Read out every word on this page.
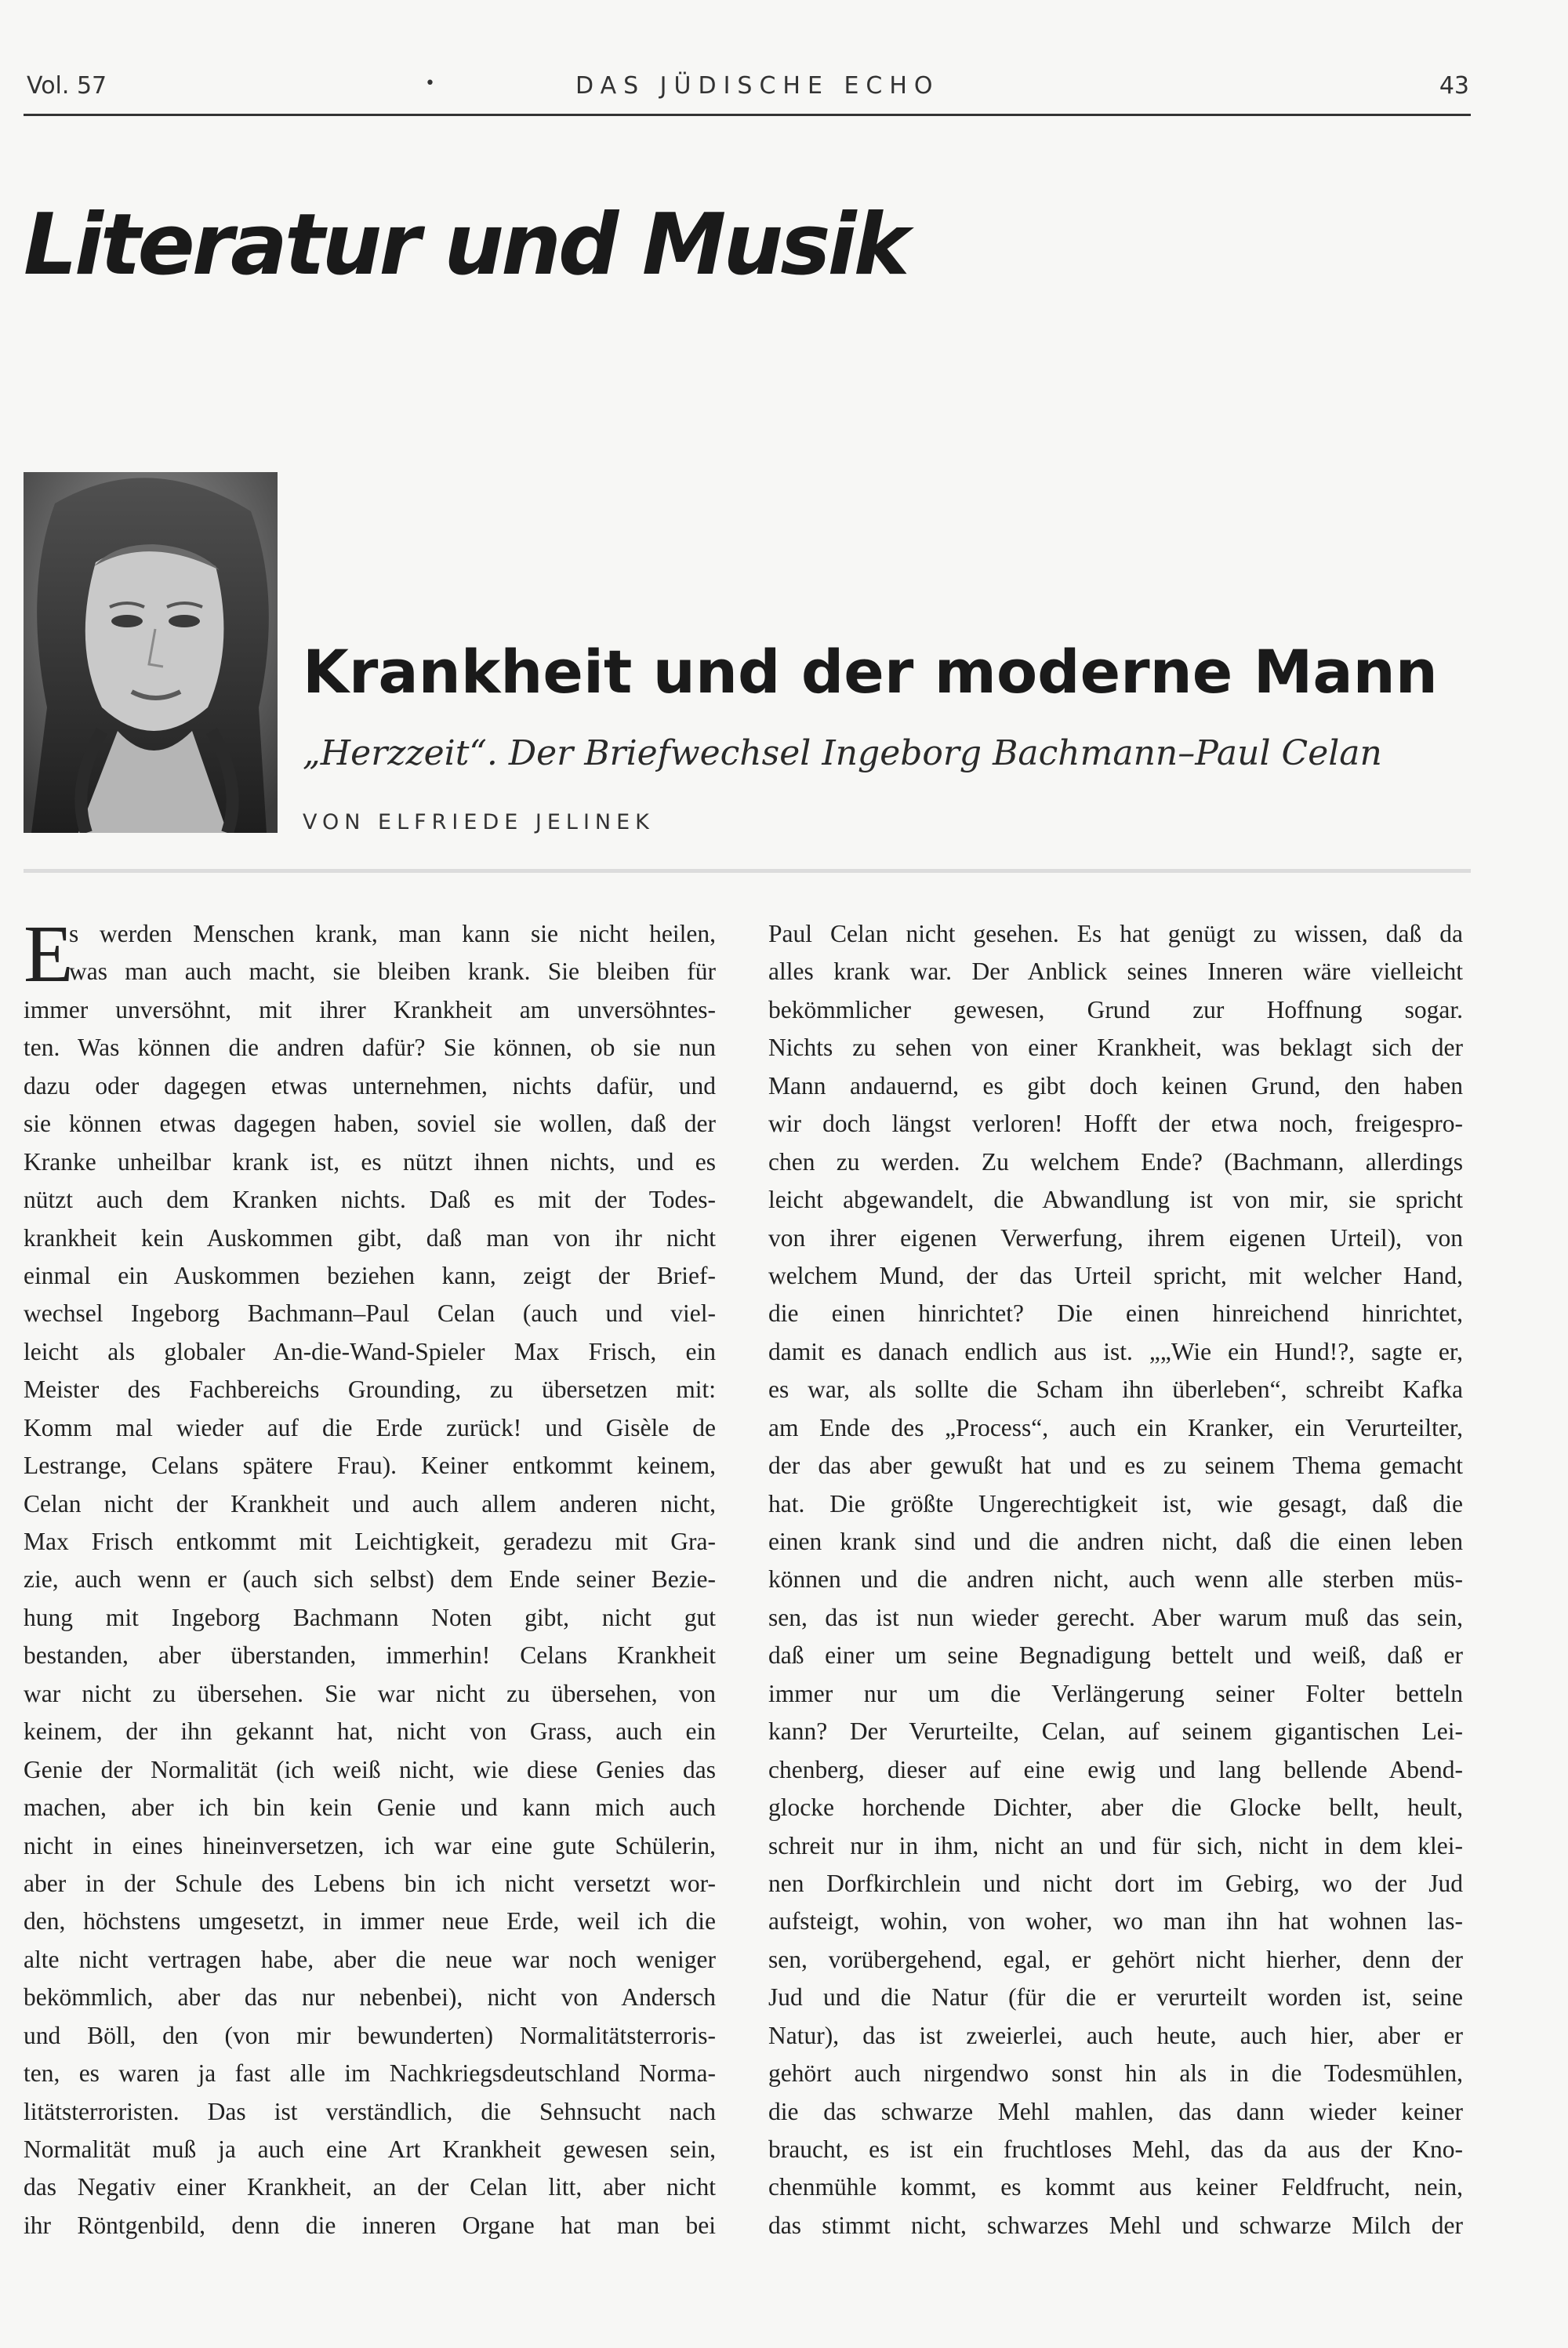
Vol. 57	•	DAS JÜDISCHE ECHO	43
Literatur und Musik
Krankheit und der moderne Mann

„Herzzeit“. Der Briefwechsel Ingeborg Bachmann–Paul Celan

VON ELFRIEDE JELINEK
E
s werden Menschen krank, man kann sie nicht heilen,
was man auch macht, sie bleiben krank. Sie bleiben für
immer unversöhnt, mit ihrer Krankheit am unversöhntes-
ten. Was können die andren dafür? Sie können, ob sie nun
dazu oder dagegen etwas unternehmen, nichts dafür, und
sie können etwas dagegen haben, soviel sie wollen, daß der
Kranke unheilbar krank ist, es nützt ihnen nichts, und es
nützt auch dem Kranken nichts. Daß es mit der Todes-
krankheit kein Auskommen gibt, daß man von ihr nicht
einmal ein Auskommen beziehen kann, zeigt der Brief-
wechsel Ingeborg Bachmann–Paul Celan (auch und viel-
leicht als globaler An-die-Wand-Spieler Max Frisch, ein
Meister des Fachbereichs Grounding, zu übersetzen mit:
Komm mal wieder auf die Erde zurück! und Gisèle de
Lestrange, Celans spätere Frau). Keiner entkommt keinem,
Celan nicht der Krankheit und auch allem anderen nicht,
Max Frisch entkommt mit Leichtigkeit, geradezu mit Gra-
zie, auch wenn er (auch sich selbst) dem Ende seiner Bezie-
hung mit Ingeborg Bachmann Noten gibt, nicht gut
bestanden, aber überstanden, immerhin! Celans Krankheit
war nicht zu übersehen. Sie war nicht zu übersehen, von
keinem, der ihn gekannt hat, nicht von Grass, auch ein
Genie der Normalität (ich weiß nicht, wie diese Genies das
machen, aber ich bin kein Genie und kann mich auch
nicht in eines hineinversetzen, ich war eine gute Schülerin,
aber in der Schule des Lebens bin ich nicht versetzt wor-
den, höchstens umgesetzt, in immer neue Erde, weil ich die
alte nicht vertragen habe, aber die neue war noch weniger
bekömmlich, aber das nur nebenbei), nicht von Andersch
und Böll, den (von mir bewunderten) Normalitätsterroris-
ten, es waren ja fast alle im Nachkriegsdeutschland Norma-
litätsterroristen. Das ist verständlich, die Sehnsucht nach
Normalität muß ja auch eine Art Krankheit gewesen sein,
das Negativ einer Krankheit, an der Celan litt, aber nicht
ihr Röntgenbild, denn die inneren Organe hat man bei
Paul Celan nicht gesehen. Es hat genügt zu wissen, daß da
alles krank war. Der Anblick seines Inneren wäre vielleicht
bekömmlicher gewesen, Grund zur Hoffnung sogar.
Nichts zu sehen von einer Krankheit, was beklagt sich der
Mann andauernd, es gibt doch keinen Grund, den haben
wir doch längst verloren! Hofft der etwa noch, freigespro-
chen zu werden. Zu welchem Ende? (Bachmann, allerdings
leicht abgewandelt, die Abwandlung ist von mir, sie spricht
von ihrer eigenen Verwerfung, ihrem eigenen Urteil), von
welchem Mund, der das Urteil spricht, mit welcher Hand,
die einen hinrichtet? Die einen hinreichend hinrichtet,
damit es danach endlich aus ist. „„Wie ein Hund!?, sagte er,
es war, als sollte die Scham ihn überleben“, schreibt Kafka
am Ende des „Process“, auch ein Kranker, ein Verurteilter,
der das aber gewußt hat und es zu seinem Thema gemacht
hat. Die größte Ungerechtigkeit ist, wie gesagt, daß die
einen krank sind und die andren nicht, daß die einen leben
können und die andren nicht, auch wenn alle sterben müs-
sen, das ist nun wieder gerecht. Aber warum muß das sein,
daß einer um seine Begnadigung bettelt und weiß, daß er
immer nur um die Verlängerung seiner Folter betteln
kann? Der Verurteilte, Celan, auf seinem gigantischen Lei-
chenberg, dieser auf eine ewig und lang bellende Abend-
glocke horchende Dichter, aber die Glocke bellt, heult,
schreit nur in ihm, nicht an und für sich, nicht in dem klei-
nen Dorfkirchlein und nicht dort im Gebirg, wo der Jud
aufsteigt, wohin, von woher, wo man ihn hat wohnen las-
sen, vorübergehend, egal, er gehört nicht hierher, denn der
Jud und die Natur (für die er verurteilt worden ist, seine
Natur), das ist zweierlei, auch heute, auch hier, aber er
gehört auch nirgendwo sonst hin als in die Todesmühlen,
die das schwarze Mehl mahlen, das dann wieder keiner
braucht, es ist ein fruchtloses Mehl, das da aus der Kno-
chenmühle kommt, es kommt aus keiner Feldfrucht, nein,
das stimmt nicht, schwarzes Mehl und schwarze Milch der
